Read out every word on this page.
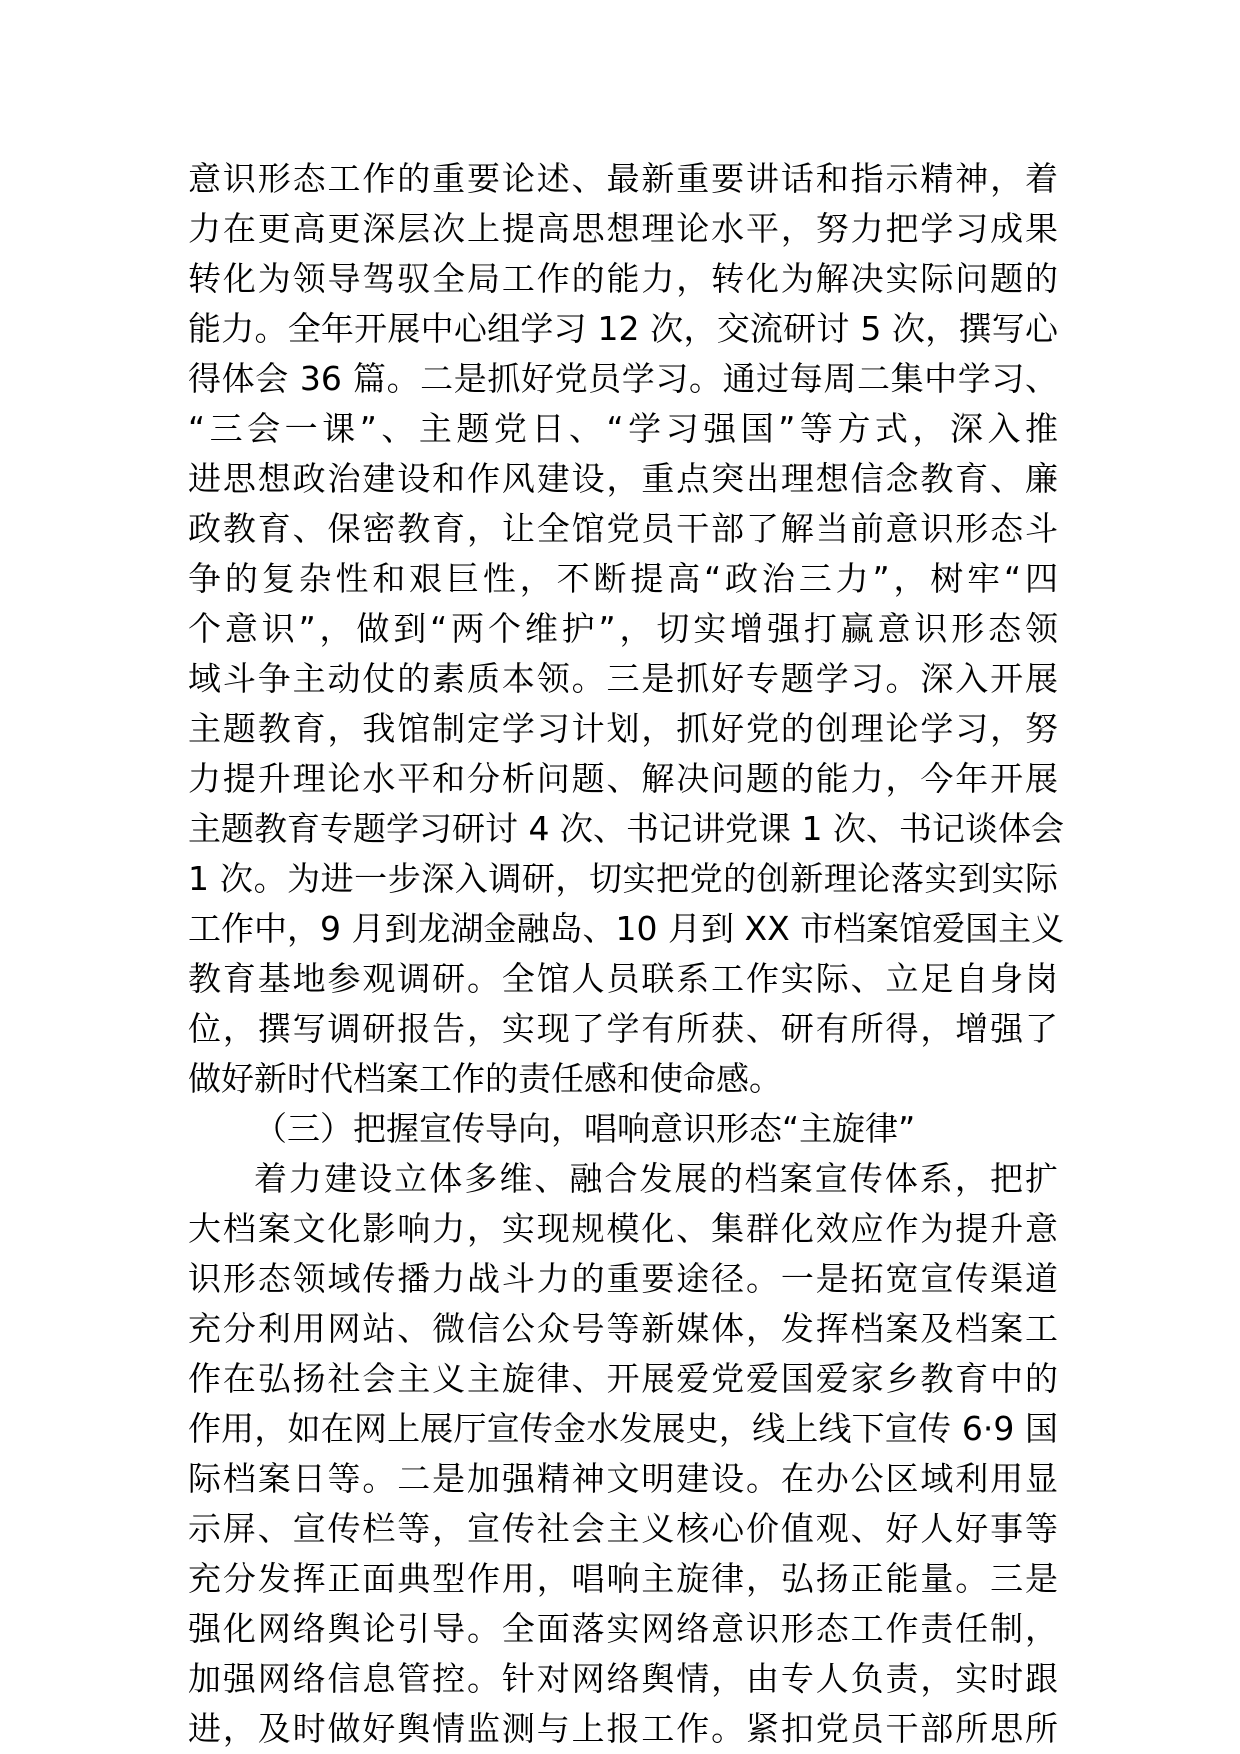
意识形态工作的重要论述、最新重要讲话和指示精神，着
力在更高更深层次上提高思想理论水平，努力把学习成果
转化为领导驾驭全局工作的能力，转化为解决实际问题的
能力。全年开展中心组学习 12 次，交流研讨 5 次，撰写心
得体会 36 篇。二是抓好党员学习。通过每周二集中学习、
“三会一课”、主题党日、“学习强国”等方式，深入推
进思想政治建设和作风建设，重点突出理想信念教育、廉
政教育、保密教育，让全馆党员干部了解当前意识形态斗
争的复杂性和艰巨性，不断提高“政治三力”，树牢“四
个意识”，做到“两个维护”，切实增强打赢意识形态领
域斗争主动仗的素质本领。三是抓好专题学习。深入开展
主题教育，我馆制定学习计划，抓好党的创理论学习，努
力提升理论水平和分析问题、解决问题的能力，今年开展
主题教育专题学习研讨 4 次、书记讲党课 1 次、书记谈体会
1 次。为进一步深入调研，切实把党的创新理论落实到实际
工作中，9 月到龙湖金融岛、10 月到 XX 市档案馆爱国主义
教育基地参观调研。全馆人员联系工作实际、立足自身岗
位，撰写调研报告，实现了学有所获、研有所得，增强了
做好新时代档案工作的责任感和使命感。
（三）把握宣传导向，唱响意识形态“主旋律”
着力建设立体多维、融合发展的档案宣传体系，把扩
大档案文化影响力，实现规模化、集群化效应作为提升意
识形态领域传播力战斗力的重要途径。一是拓宽宣传渠道
充分利用网站、微信公众号等新媒体，发挥档案及档案工
作在弘扬社会主义主旋律、开展爱党爱国爱家乡教育中的
作用，如在网上展厅宣传金水发展史，线上线下宣传 6·9 国
际档案日等。二是加强精神文明建设。在办公区域利用显
示屏、宣传栏等，宣传社会主义核心价值观、好人好事等
充分发挥正面典型作用，唱响主旋律，弘扬正能量。三是
强化网络舆论引导。全面落实网络意识形态工作责任制，
加强网络信息管控。针对网络舆情，由专人负责，实时跟
进，及时做好舆情监测与上报工作。紧扣党员干部所思所
